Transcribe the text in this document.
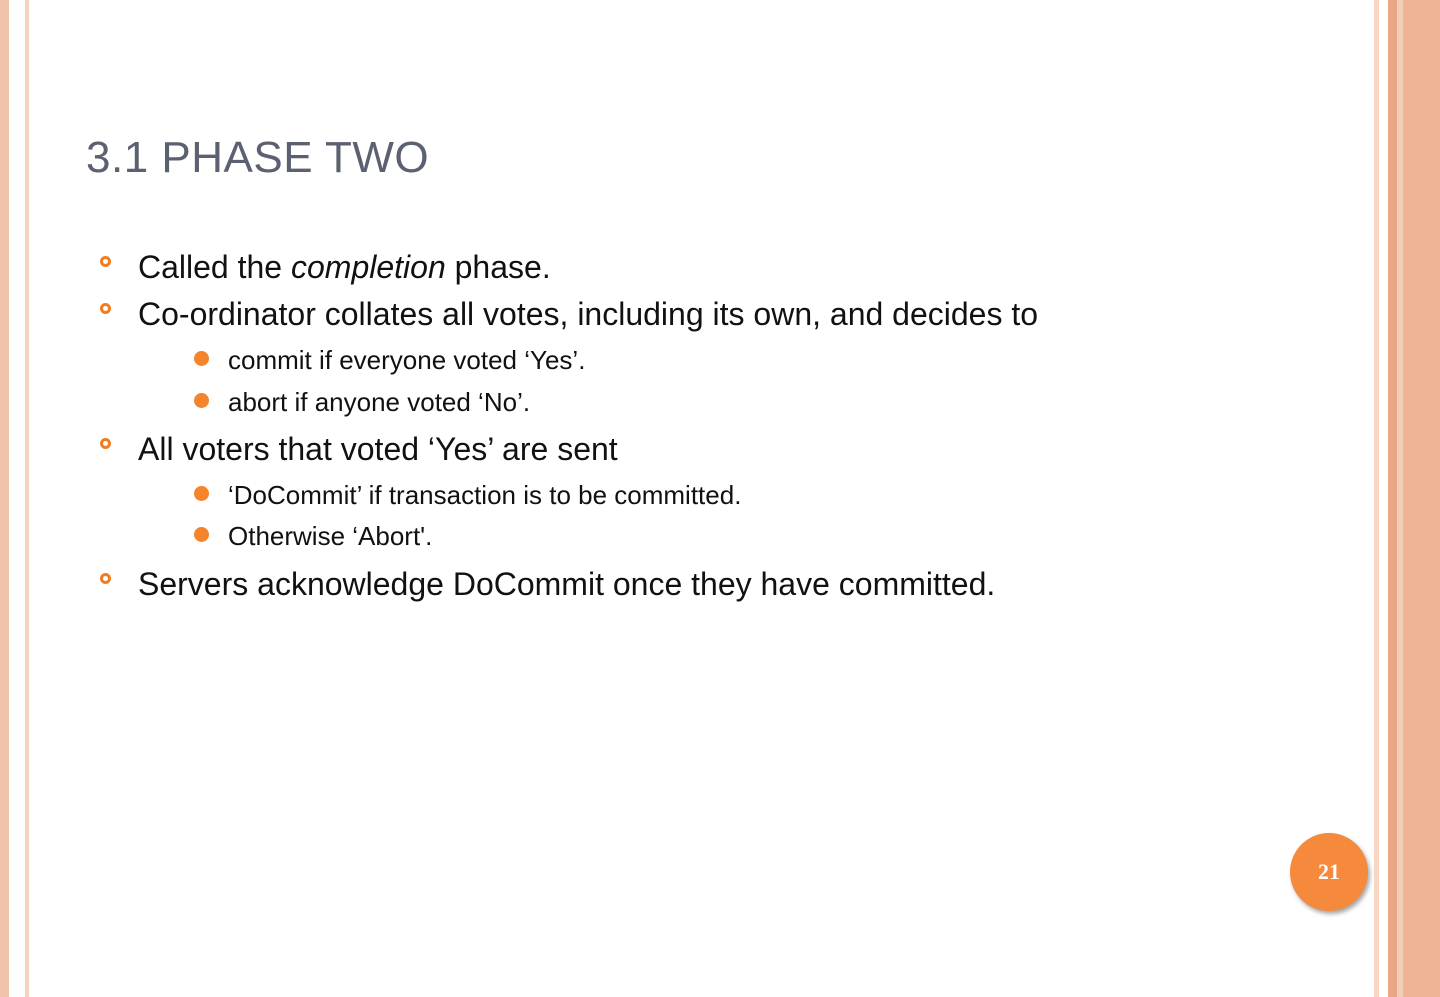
3.1 PHASE TWO
Called the completion phase.
Co-ordinator collates all votes, including its own, and decides to
commit if everyone voted ‘Yes’.
abort if anyone voted ‘No’.
All voters that voted ‘Yes’ are sent
‘DoCommit’ if transaction is to be committed.
Otherwise ‘Abort'.
Servers acknowledge DoCommit once they have committed.
21
